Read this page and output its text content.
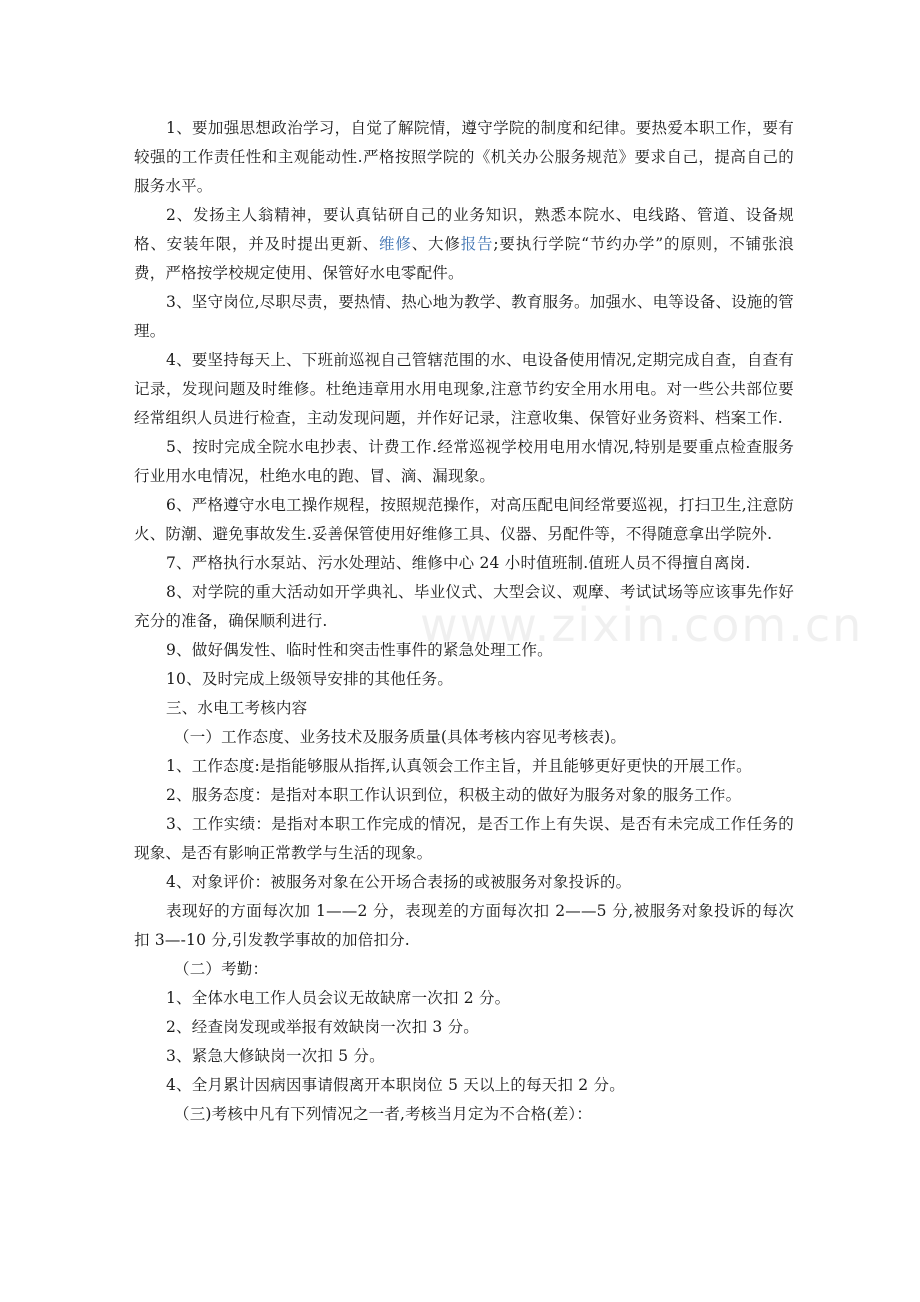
www.zixin.com.cn

1、要加强思想政治学习，自觉了解院情，遵守学院的制度和纪律。要热爱本职工作，要有较强的工作责任性和主观能动性.严格按照学院的《机关办公服务规范》要求自己，提高自己的服务水平。

2、发扬主人翁精神，要认真钻研自己的业务知识，熟悉本院水、电线路、管道、设备规格、安装年限，并及时提出更新、维修、大修报告;要执行学院“节约办学”的原则，不铺张浪费，严格按学校规定使用、保管好水电零配件。

3、坚守岗位,尽职尽责，要热情、热心地为教学、教育服务。加强水、电等设备、设施的管理。

4、要坚持每天上、下班前巡视自己管辖范围的水、电设备使用情况,定期完成自查，自查有记录，发现问题及时维修。杜绝违章用水用电现象,注意节约安全用水用电。对一些公共部位要经常组织人员进行检查，主动发现问题，并作好记录，注意收集、保管好业务资料、档案工作.

5、按时完成全院水电抄表、计费工作.经常巡视学校用电用水情况,特别是要重点检查服务行业用水电情况，杜绝水电的跑、冒、滴、漏现象。

6、严格遵守水电工操作规程，按照规范操作，对高压配电间经常要巡视，打扫卫生,注意防火、防潮、避免事故发生.妥善保管使用好维修工具、仪器、另配件等，不得随意拿出学院外.

7、严格执行水泵站、污水处理站、维修中心 24 小时值班制.值班人员不得擅自离岗.

8、对学院的重大活动如开学典礼、毕业仪式、大型会议、观摩、考试试场等应该事先作好充分的准备，确保顺利进行.

9、做好偶发性、临时性和突击性事件的紧急处理工作。

10、及时完成上级领导安排的其他任务。

三、水电工考核内容

（一）工作态度、业务技术及服务质量(具体考核内容见考核表)。

1、工作态度:是指能够服从指挥,认真领会工作主旨，并且能够更好更快的开展工作。

2、服务态度：是指对本职工作认识到位，积极主动的做好为服务对象的服务工作。

3、工作实绩：是指对本职工作完成的情况，是否工作上有失误、是否有未完成工作任务的现象、是否有影响正常教学与生活的现象。

4、对象评价：被服务对象在公开场合表扬的或被服务对象投诉的。

表现好的方面每次加 1——2 分，表现差的方面每次扣 2——5 分,被服务对象投诉的每次扣 3—-10 分,引发教学事故的加倍扣分.

（二）考勤：

1、全体水电工作人员会议无故缺席一次扣 2 分。

2、经查岗发现或举报有效缺岗一次扣 3 分。

3、紧急大修缺岗一次扣 5 分。

4、全月累计因病因事请假离开本职岗位 5 天以上的每天扣 2 分。

（三)考核中凡有下列情况之一者,考核当月定为不合格(差）：
